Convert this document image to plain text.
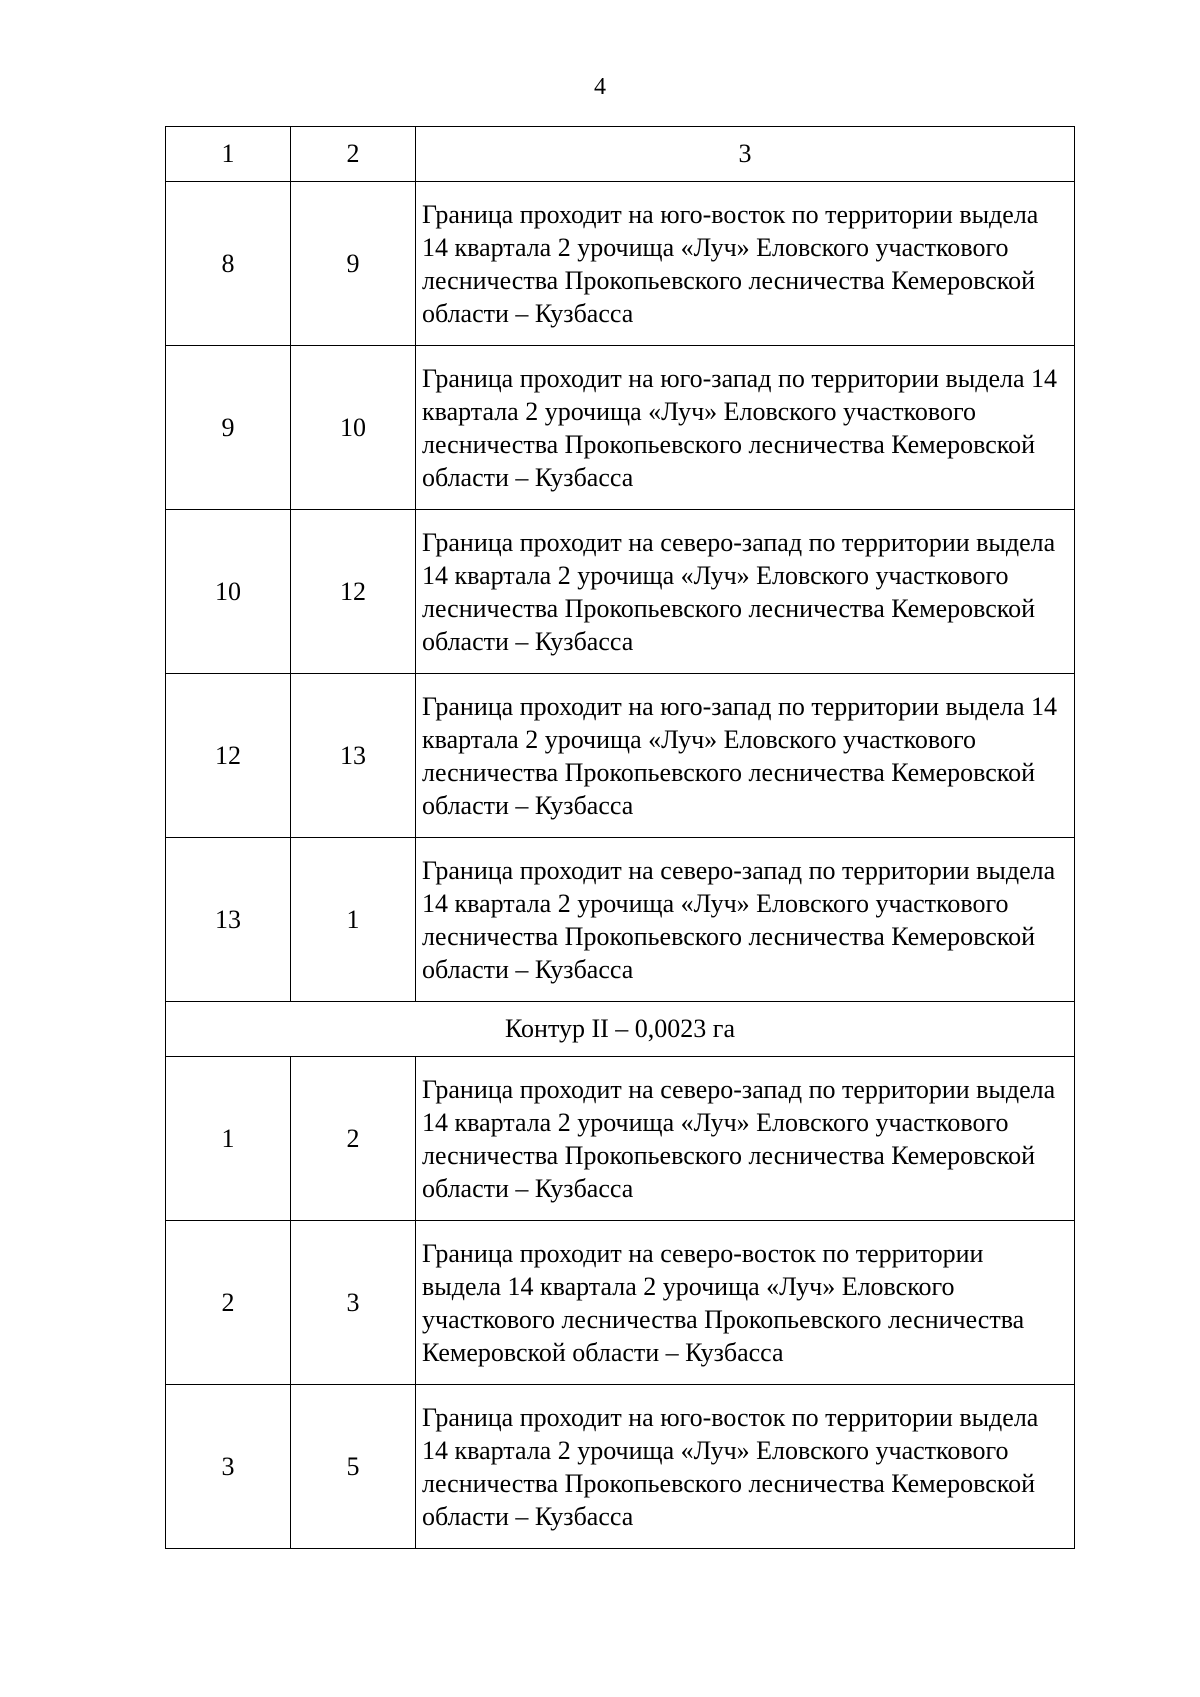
4
1	2	3
8	9	Граница проходит на юго-восток по территории выдела 14 квартала 2 урочища «Луч» Еловского участкового лесничества Прокопьевского лесничества Кемеровской области – Кузбасса
9	10	Граница проходит на юго-запад по территории выдела 14 квартала 2 урочища «Луч» Еловского участкового лесничества Прокопьевского лесничества Кемеровской области – Кузбасса
10	12	Граница проходит на северо-запад по территории выдела 14 квартала 2 урочища «Луч» Еловского участкового лесничества Прокопьевского лесничества Кемеровской области – Кузбасса
12	13	Граница проходит на юго-запад по территории выдела 14 квартала 2 урочища «Луч» Еловского участкового лесничества Прокопьевского лесничества Кемеровской области – Кузбасса
13	1	Граница проходит на северо-запад по территории выдела 14 квартала 2 урочища «Луч» Еловского участкового лесничества Прокопьевского лесничества Кемеровской области – Кузбасса
Контур II – 0,0023 га		
1	2	Граница проходит на северо-запад по территории выдела 14 квартала 2 урочища «Луч» Еловского участкового лесничества Прокопьевского лесничества Кемеровской области – Кузбасса
2	3	Граница проходит на северо-восток по территории выдела 14 квартала 2 урочища «Луч» Еловского участкового лесничества Прокопьевского лесничества Кемеровской области – Кузбасса
3	5	Граница проходит на юго-восток по территории выдела 14 квартала 2 урочища «Луч» Еловского участкового лесничества Прокопьевского лесничества Кемеровской области – Кузбасса
